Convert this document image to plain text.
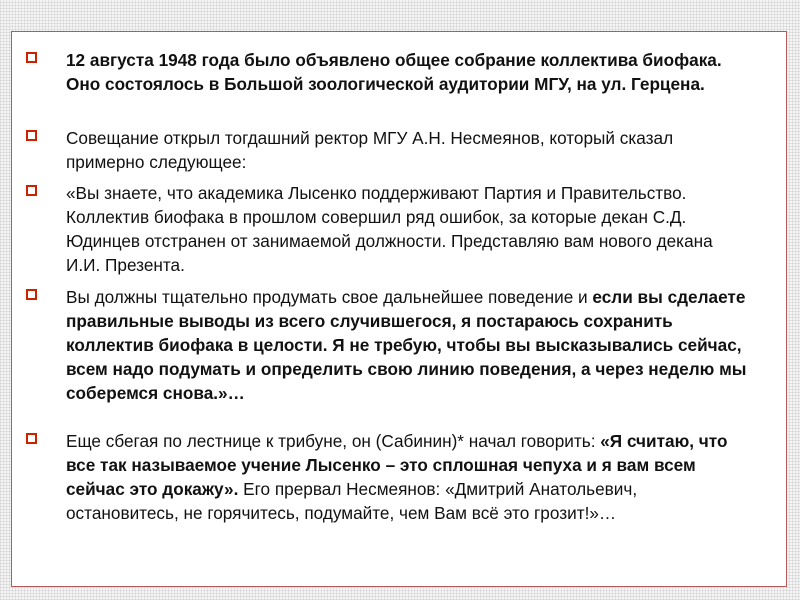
12 августа 1948 года было объявлено общее собрание коллектива биофака. Оно состоялось в Большой зоологической аудитории МГУ, на ул. Герцена.
Совещание открыл тогдашний ректор МГУ А.Н. Несмеянов, который сказал примерно следующее:
«Вы знаете, что академика Лысенко поддерживают Партия и Правительство. Коллектив биофака в прошлом совершил ряд ошибок, за которые декан С.Д. Юдинцев отстранен от занимаемой должности. Представляю вам нового декана И.И. Презента.
Вы должны тщательно продумать свое дальнейшее поведение и если вы сделаете правильные выводы из всего случившегося, я постараюсь сохранить коллектив биофака в целости. Я не требую, чтобы вы высказывались сейчас, всем надо подумать и определить свою линию поведения, а через неделю мы соберемся снова.»…
Еще сбегая по лестнице к трибуне, он (Сабинин)* начал говорить: «Я считаю, что все так называемое учение Лысенко – это сплошная чепуха и я вам всем сейчас это докажу». Его прервал Несмеянов: «Дмитрий Анатольевич, остановитесь, не горячитесь, подумайте, чем Вам всё это грозит!»…
